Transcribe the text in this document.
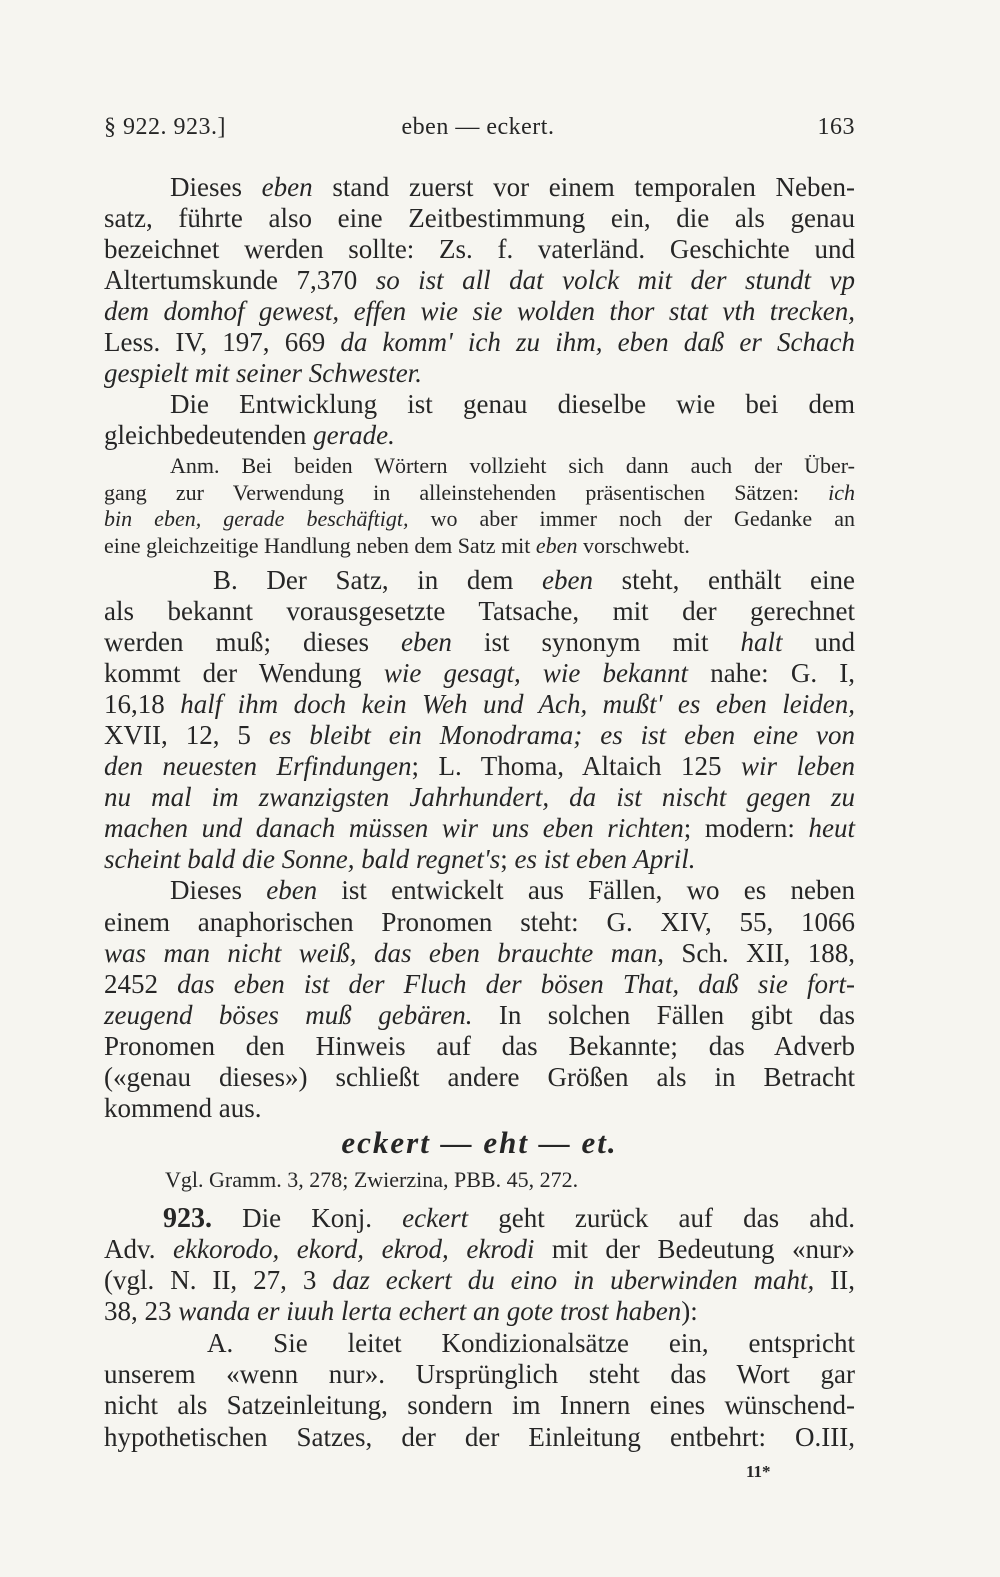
§ 922. 923.]	eben — eckert.	163
Dieses eben stand zuerst vor einem temporalen Neben-
satz, führte also eine Zeitbestimmung ein, die als genau
bezeichnet werden sollte: Zs. f. vaterländ. Geschichte und
Altertumskunde 7,370 so ist all dat volck mit der stundt vp
dem domhof gewest, effen wie sie wolden thor stat vth trecken,
Less. IV, 197, 669 da komm' ich zu ihm, eben daß er Schach
gespielt mit seiner Schwester.
Die Entwicklung ist genau dieselbe wie bei dem
gleichbedeutenden gerade.
Anm. Bei beiden Wörtern vollzieht sich dann auch der Über-
gang zur Verwendung in alleinstehenden präsentischen Sätzen: ich
bin eben, gerade beschäftigt, wo aber immer noch der Gedanke an
eine gleichzeitige Handlung neben dem Satz mit eben vorschwebt.
B. Der Satz, in dem eben steht, enthält eine
als bekannt vorausgesetzte Tatsache, mit der gerechnet
werden muß; dieses eben ist synonym mit halt und
kommt der Wendung wie gesagt, wie bekannt nahe: G. I,
16,18 half ihm doch kein Weh und Ach, mußt' es eben leiden,
XVII, 12, 5 es bleibt ein Monodrama; es ist eben eine von
den neuesten Erfindungen; L. Thoma, Altaich 125 wir leben
nu mal im zwanzigsten Jahrhundert, da ist nischt gegen zu
machen und danach müssen wir uns eben richten; modern: heut
scheint bald die Sonne, bald regnet's; es ist eben April.
Dieses eben ist entwickelt aus Fällen, wo es neben
einem anaphorischen Pronomen steht: G. XIV, 55, 1066
was man nicht weiß, das eben brauchte man, Sch. XII, 188,
2452 das eben ist der Fluch der bösen That, daß sie fort-
zeugend böses muß gebären. In solchen Fällen gibt das
Pronomen den Hinweis auf das Bekannte; das Adverb
(«genau dieses») schließt andere Größen als in Betracht
kommend aus.
eckert — eht — et.
Vgl. Gramm. 3, 278; Zwierzina, PBB. 45, 272.
923. Die Konj. eckert geht zurück auf das ahd.
Adv. ekkorodo, ekord, ekrod, ekrodi mit der Bedeutung «nur»
(vgl. N. II, 27, 3 daz eckert du eino in uberwinden maht, II,
38, 23 wanda er iuuh lerta echert an gote trost haben):
A. Sie leitet Kondizionalsätze ein, entspricht
unserem «wenn nur». Ursprünglich steht das Wort gar
nicht als Satzeinleitung, sondern im Innern eines wünschend-
hypothetischen Satzes, der der Einleitung entbehrt: O.III,
11*
